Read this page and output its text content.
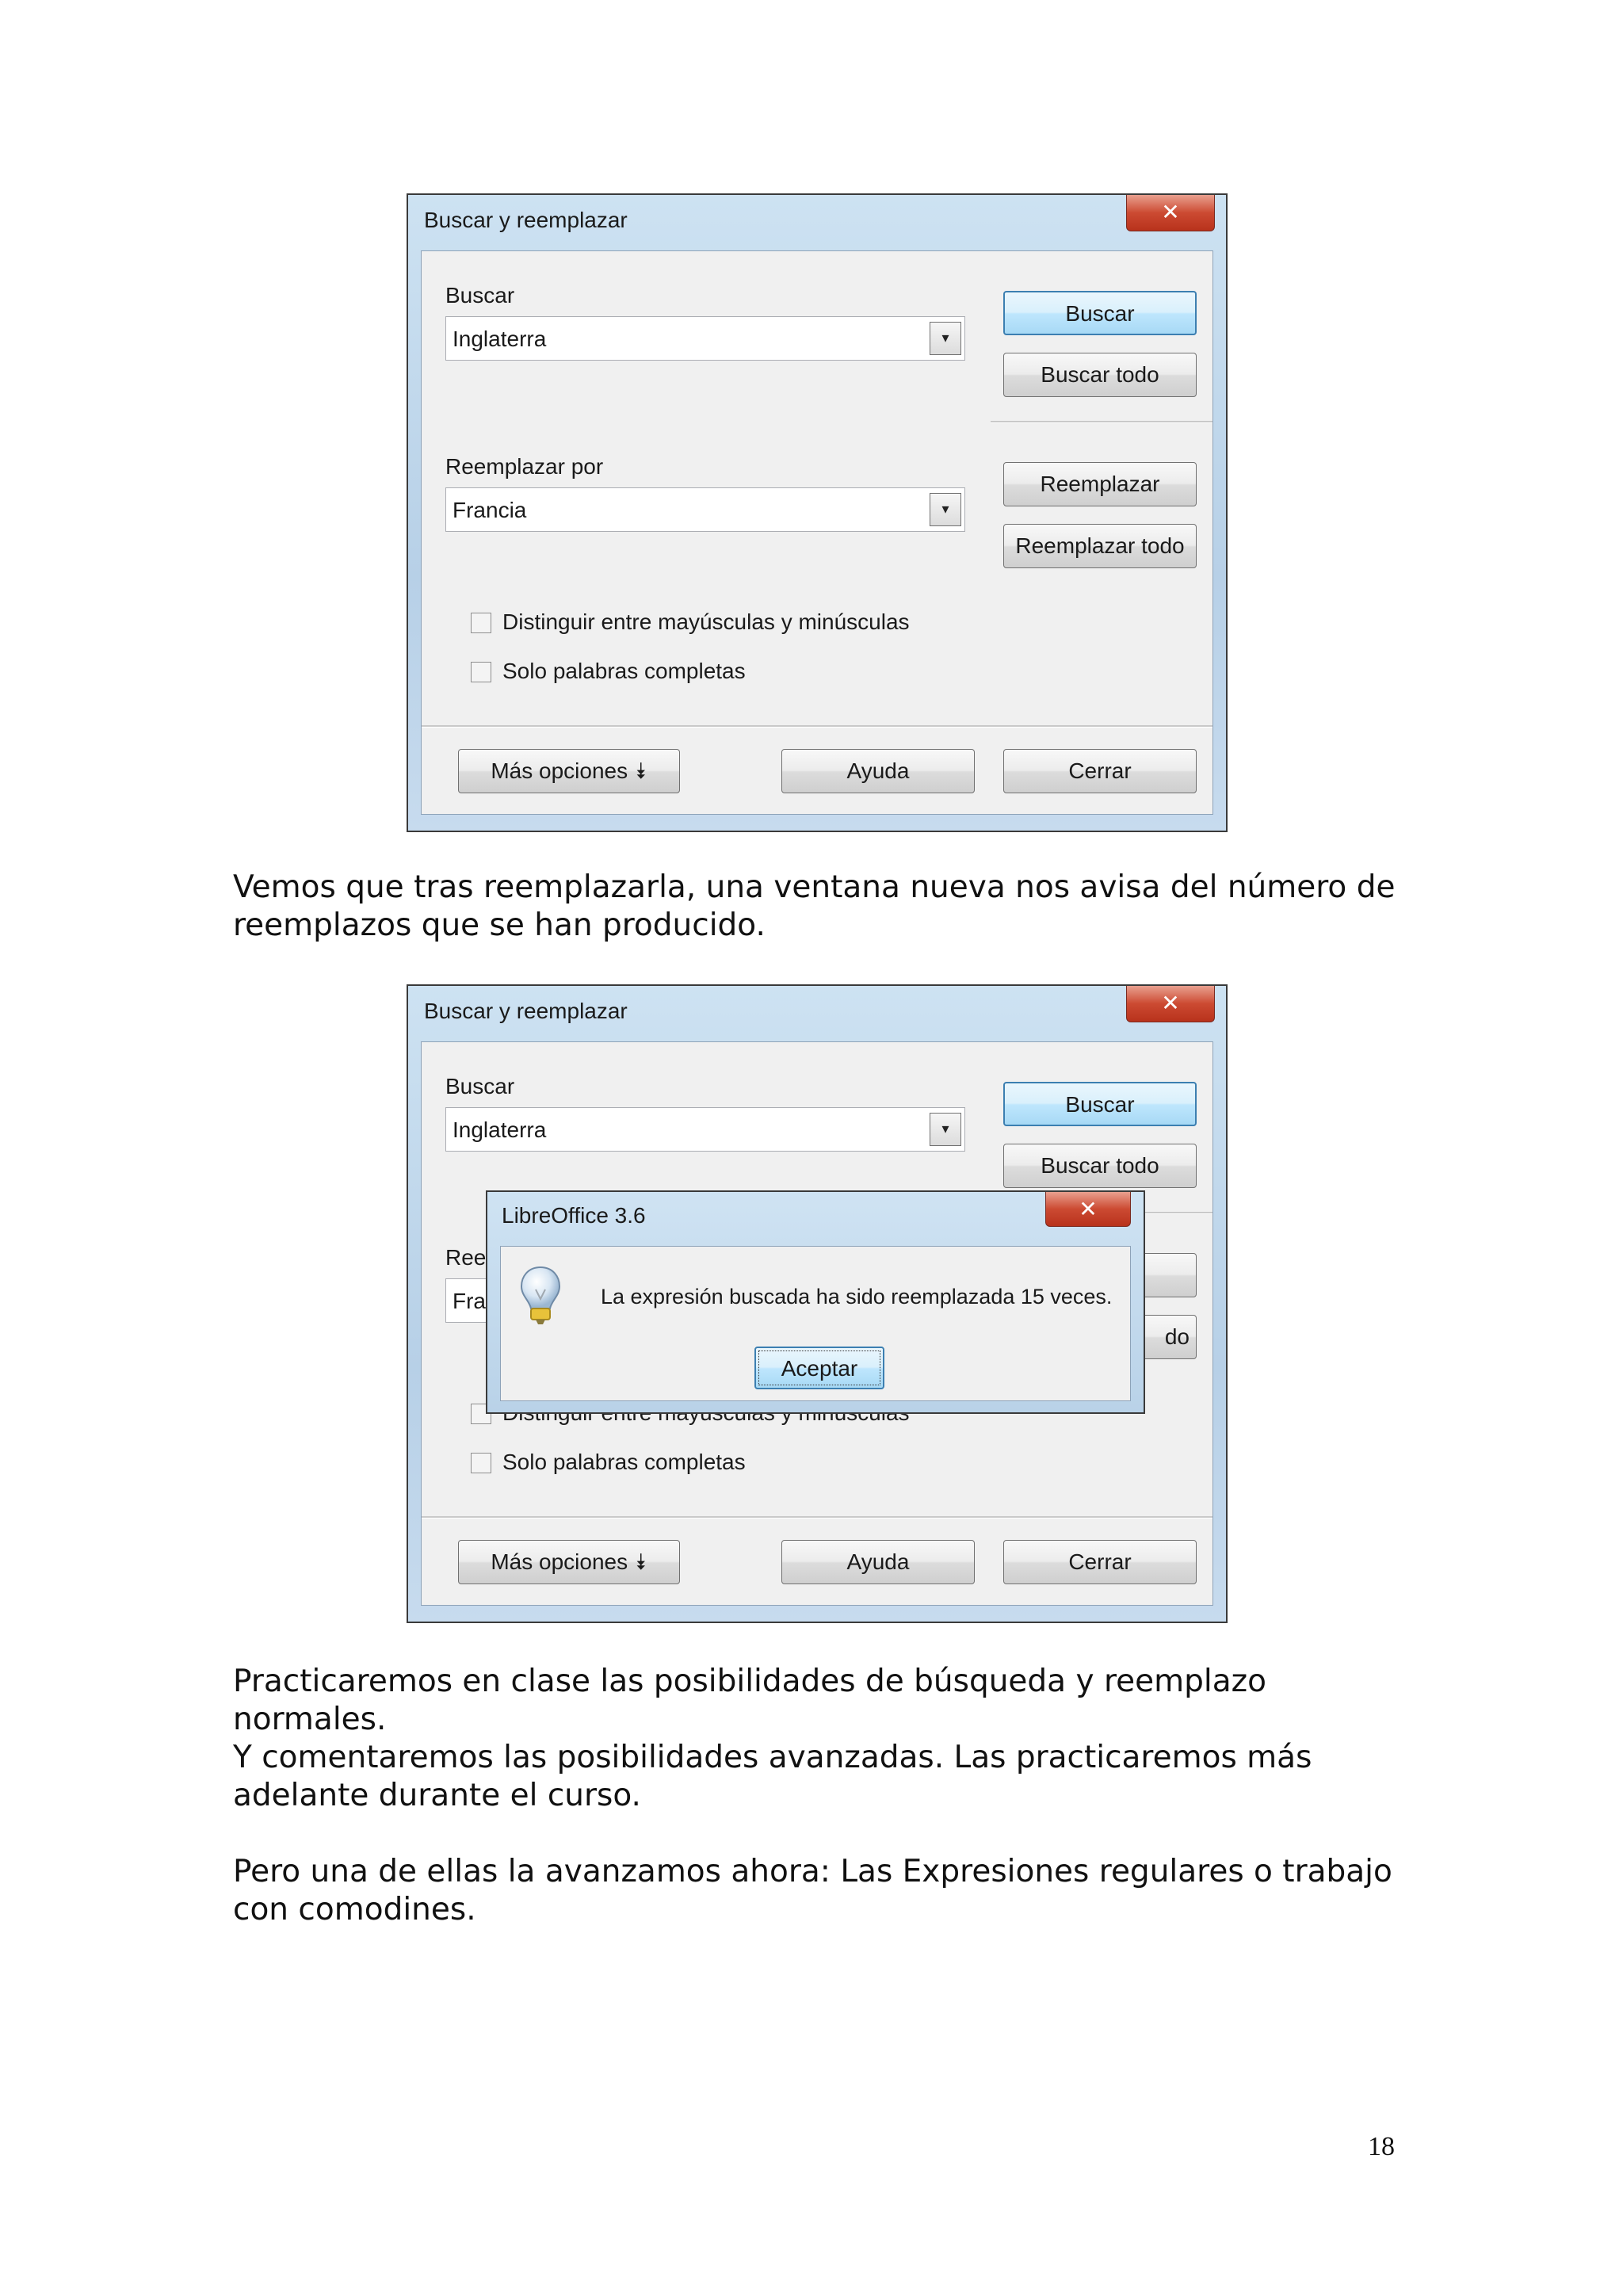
Buscar y reemplazar	✕
Buscar
Inglaterra	▾
Buscar
Buscar todo
Reemplazar por
Francia	▾
Reemplazar
Reemplazar todo
Distinguir entre mayúsculas y minúsculas
Solo palabras completas
Más opciones ⯯	Ayuda	Cerrar

Vemos que tras reemplazarla, una ventana nueva nos avisa del número de reemplazos que se han producido.

Buscar y reemplazar	✕
Buscar
Inglaterra	▾
Buscar
Buscar todo
Ree
Fra
do
Solo palabras completas
Más opciones ⯯	Ayuda	Cerrar
LibreOffice 3.6	✕
La expresión buscada ha sido reemplazada 15 veces.
Aceptar

Practicaremos en clase las posibilidades de búsqueda y reemplazo normales.

Y comentaremos las posibilidades avanzadas. Las practicaremos más adelante durante el curso.

Pero una de ellas la avanzamos ahora: Las Expresiones regulares o trabajo con comodines.

18
